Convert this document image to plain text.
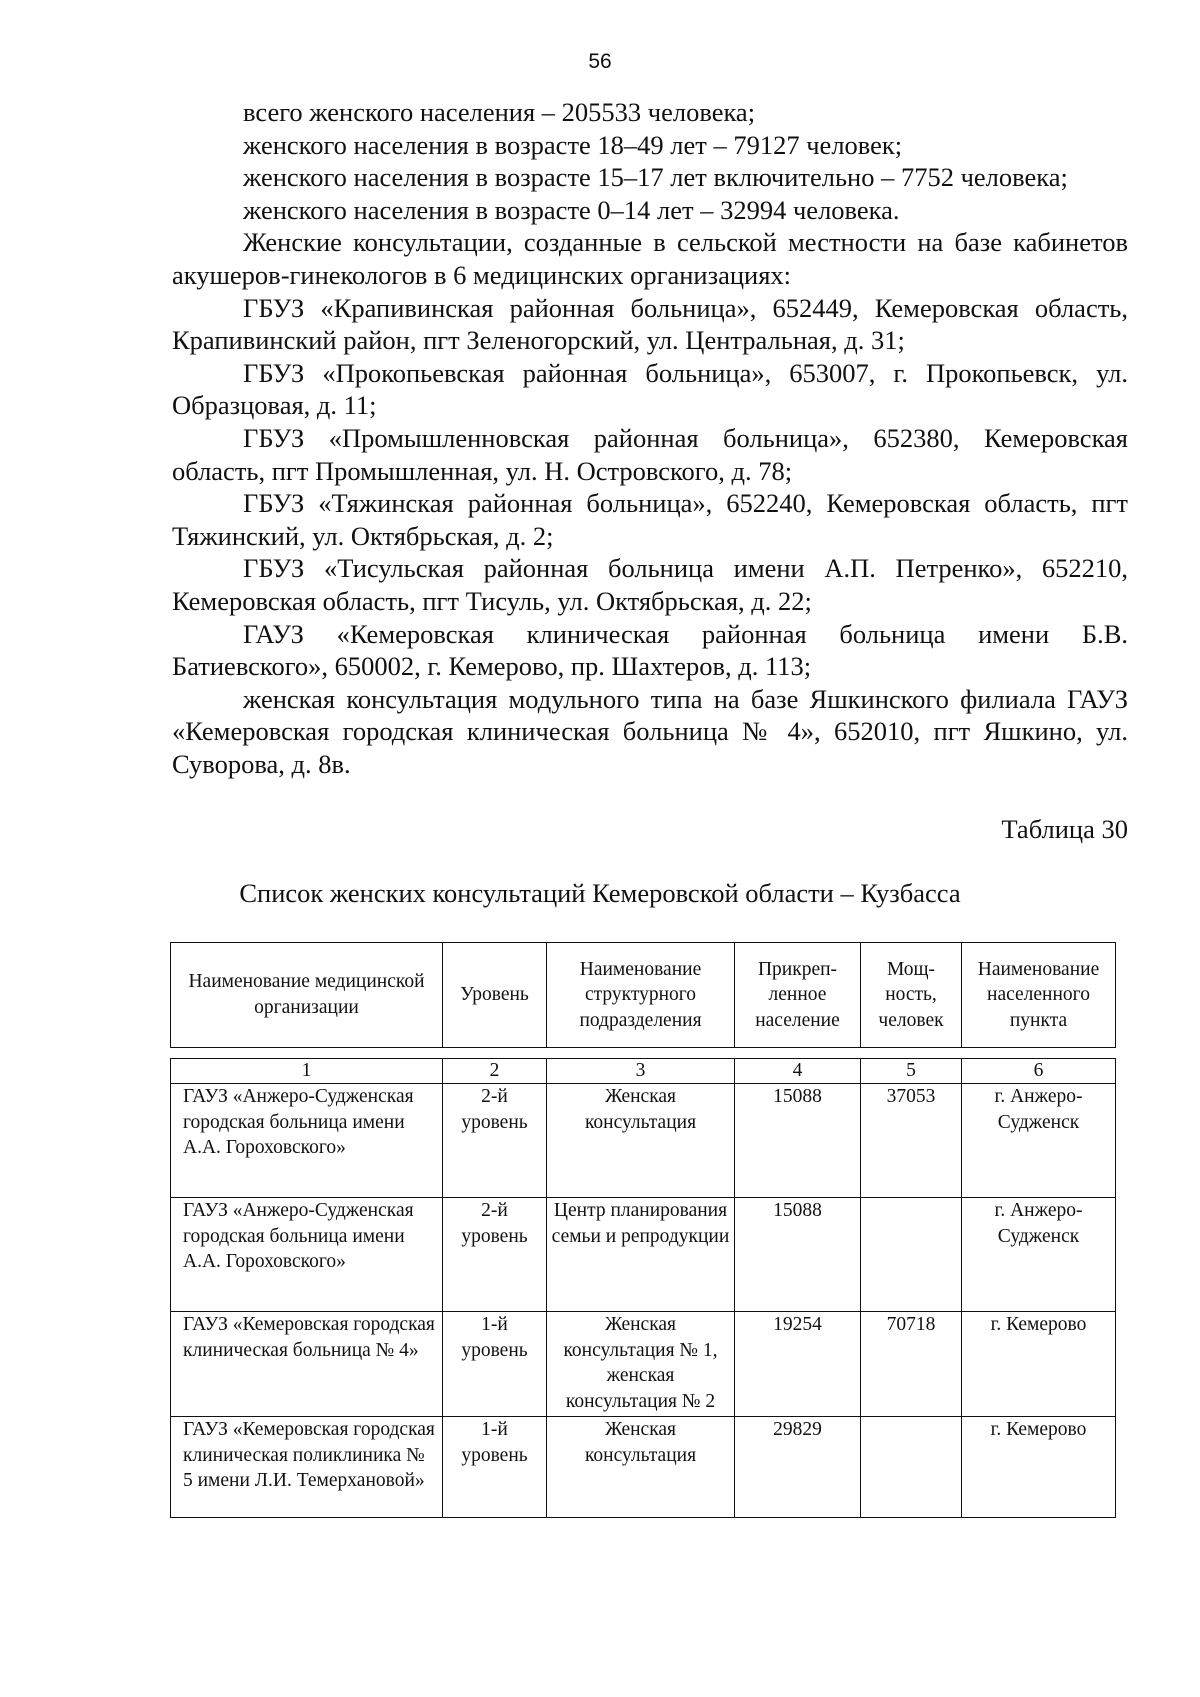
56

всего женского населения – 205533 человека;

женского населения в возрасте 18–49 лет – 79127 человек;

женского населения в возрасте 15–17 лет включительно – 7752 человека;

женского населения в возрасте 0–14 лет – 32994 человека.

Женские консультации, созданные в сельской местности на базе кабинетов акушеров-гинекологов в 6 медицинских организациях:

ГБУЗ «Крапивинская районная больница», 652449, Кемеровская область, Крапивинский район, пгт Зеленогорский, ул. Центральная, д. 31;

ГБУЗ «Прокопьевская районная больница», 653007, г. Прокопьевск, ул. Образцовая, д. 11;

ГБУЗ «Промышленновская районная больница», 652380, Кемеровская область, пгт Промышленная, ул. Н. Островского, д. 78;

ГБУЗ «Тяжинская районная больница», 652240, Кемеровская область, пгт Тяжинский, ул. Октябрьская, д. 2;

ГБУЗ «Тисульская районная больница имени А.П. Петренко», 652210, Кемеровская область, пгт Тисуль, ул. Октябрьская, д. 22;

ГАУЗ «Кемеровская клиническая районная больница имени Б.В. Батиевского», 650002, г. Кемерово, пр. Шахтеров, д. 113;

женская консультация модульного типа на базе Яшкинского филиала ГАУЗ «Кемеровская городская клиническая больница № 4», 652010, пгт Яшкино, ул. Суворова, д. 8в.

Таблица 30
Список женских консультаций Кемеровской области – Кузбасса
Наименование медицинской организации	Уровень	Наименование структурного подразделения	Прикреп-ленное население	Мощ-ность, человек	Наименование населенного пункта
1	2	3	4	5	6
ГАУЗ «Анжеро-Судженская городская больница имени А.А. Гороховского»	2-й уровень	Женская консультация	15088	37053	г. Анжеро-Судженск
ГАУЗ «Анжеро-Судженская городская больница имени А.А. Гороховского»	2-й уровень	Центр планирования семьи и репродукции	15088		г. Анжеро-Судженск
ГАУЗ «Кемеровская городская клиническая больница № 4»	1-й уровень	Женская консультация № 1, женская консультация № 2	19254	70718	г. Кемерово
ГАУЗ «Кемеровская городская клиническая поликлиника № 5 имени Л.И. Темерхановой»	1-й уровень	Женская консультация	29829		г. Кемерово
